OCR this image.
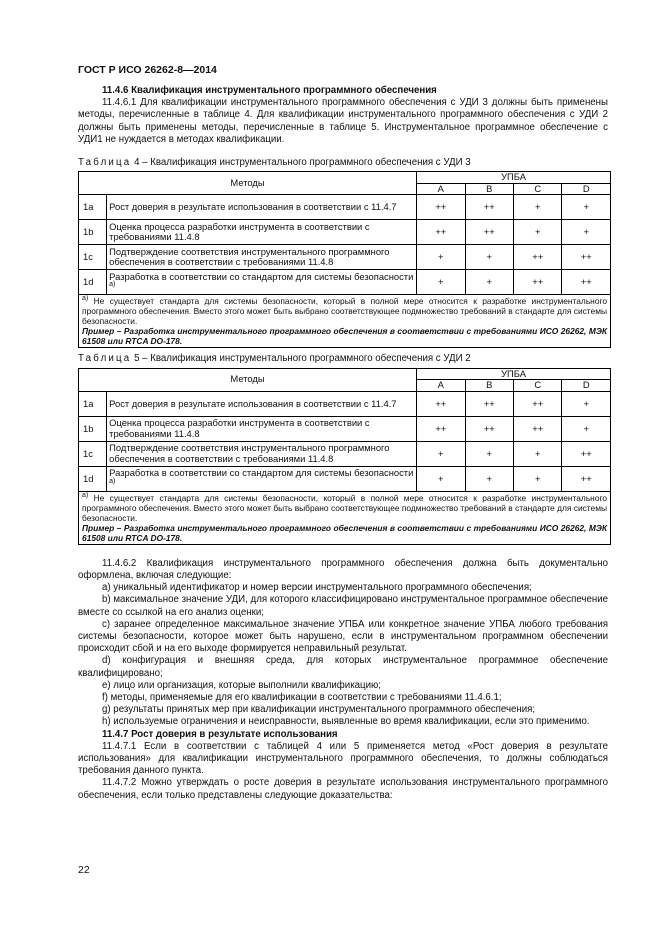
ГОСТ Р ИСО 26262-8—2014

11.4.6 Квалификация инструментального программного обеспечения

11.4.6.1 Для квалификации инструментального программного обеспечения с УДИ 3 должны быть применены методы, перечисленные в таблице 4. Для квалификации инструментального программного обеспечения с УДИ 2 должны быть применены методы, перечисленные в таблице 5. Инструментальное программное обеспечение с УДИ1 не нуждается в методах квалификации.

Таблица 4 – Квалификация инструментального программного обеспечения с УДИ 3

Методы		УПБА			
		A	B	C	D
1a	Рост доверия в результате использования в соответствии с 11.4.7	++	++	+	+
1b	Оценка процесса разработки инструмента в соответствии с требованиями 11.4.8	++	++	+	+
1c	Подтверждение соответствия инструментального программного обеспечения в соответствии с требованиями 11.4.8	+	+	++	++
1d	Разработка в соответствии со стандартом для системы безопасности $^{a)}$	+	+	++	++

$^{a)}$ Не существует стандарта для системы безопасности, который в полной мере относится к разработке инструментального программного обеспечения. Вместо этого может быть выбрано соответствующее подмножество требований в стандарте для системы безопасности.
Пример – Разработка инструментального программного обеспечения в соответствии с требованиями ИСО 26262, МЭК 61508 или RTCA DO-178.					

Таблица 5 – Квалификация инструментального программного обеспечения с УДИ 2

Методы		УПБА			
		A	B	C	D
1a	Рост доверия в результате использования в соответствии с 11.4.7	++	++	++	+
1b	Оценка процесса разработки инструмента в соответствии с требованиями 11.4.8	++	++	++	+
1c	Подтверждение соответствия инструментального программного обеспечения в соответствии с требованиями 11.4.8	+	+	+	++
1d	Разработка в соответствии со стандартом для системы безопасности $^{a)}$	+	+	+	++

$^{a)}$ Не существует стандарта для системы безопасности, который в полной мере относится к разработке инструментального программного обеспечения. Вместо этого может быть выбрано соответствующее подмножество требований в стандарте для системы безопасности.
Пример – Разработка инструментального программного обеспечения в соответствии с требованиями ИСО 26262, МЭК 61508 или RTCA DO-178.					

11.4.6.2 Квалификация инструментального программного обеспечения должна быть документально оформлена, включая следующие:

a) уникальный идентификатор и номер версии инструментального программного обеспечения;

b) максимальное значение УДИ, для которого классифицировано инструментальное программное обеспечение вместе со ссылкой на его анализ оценки;

c) заранее определенное максимальное значение УПБА или конкретное значение УПБА любого требования системы безопасности, которое может быть нарушено, если в инструментальном программном обеспечении происходит сбой и на его выходе формируется неправильный результат.

d) конфигурация и внешняя среда, для которых инструментальное программное обеспечение квалифицировано;

e) лицо или организация, которые выполнили квалификацию;

f) методы, применяемые для его квалификации в соответствии с требованиями 11.4.6.1;

g) результаты принятых мер при квалификации инструментального программного обеспечения;

h) используемые ограничения и неисправности, выявленные во время квалификации, если это применимо.

11.4.7 Рост доверия в результате использования

11.4.7.1 Если в соответствии с таблицей 4 или 5 применяется метод «Рост доверия в результате использования» для квалификации инструментального программного обеспечения, то должны соблюдаться требования данного пункта.

11.4.7.2 Можно утверждать о росте доверия в результате использования инструментального программного обеспечения, если только представлены следующие доказательства:

22
